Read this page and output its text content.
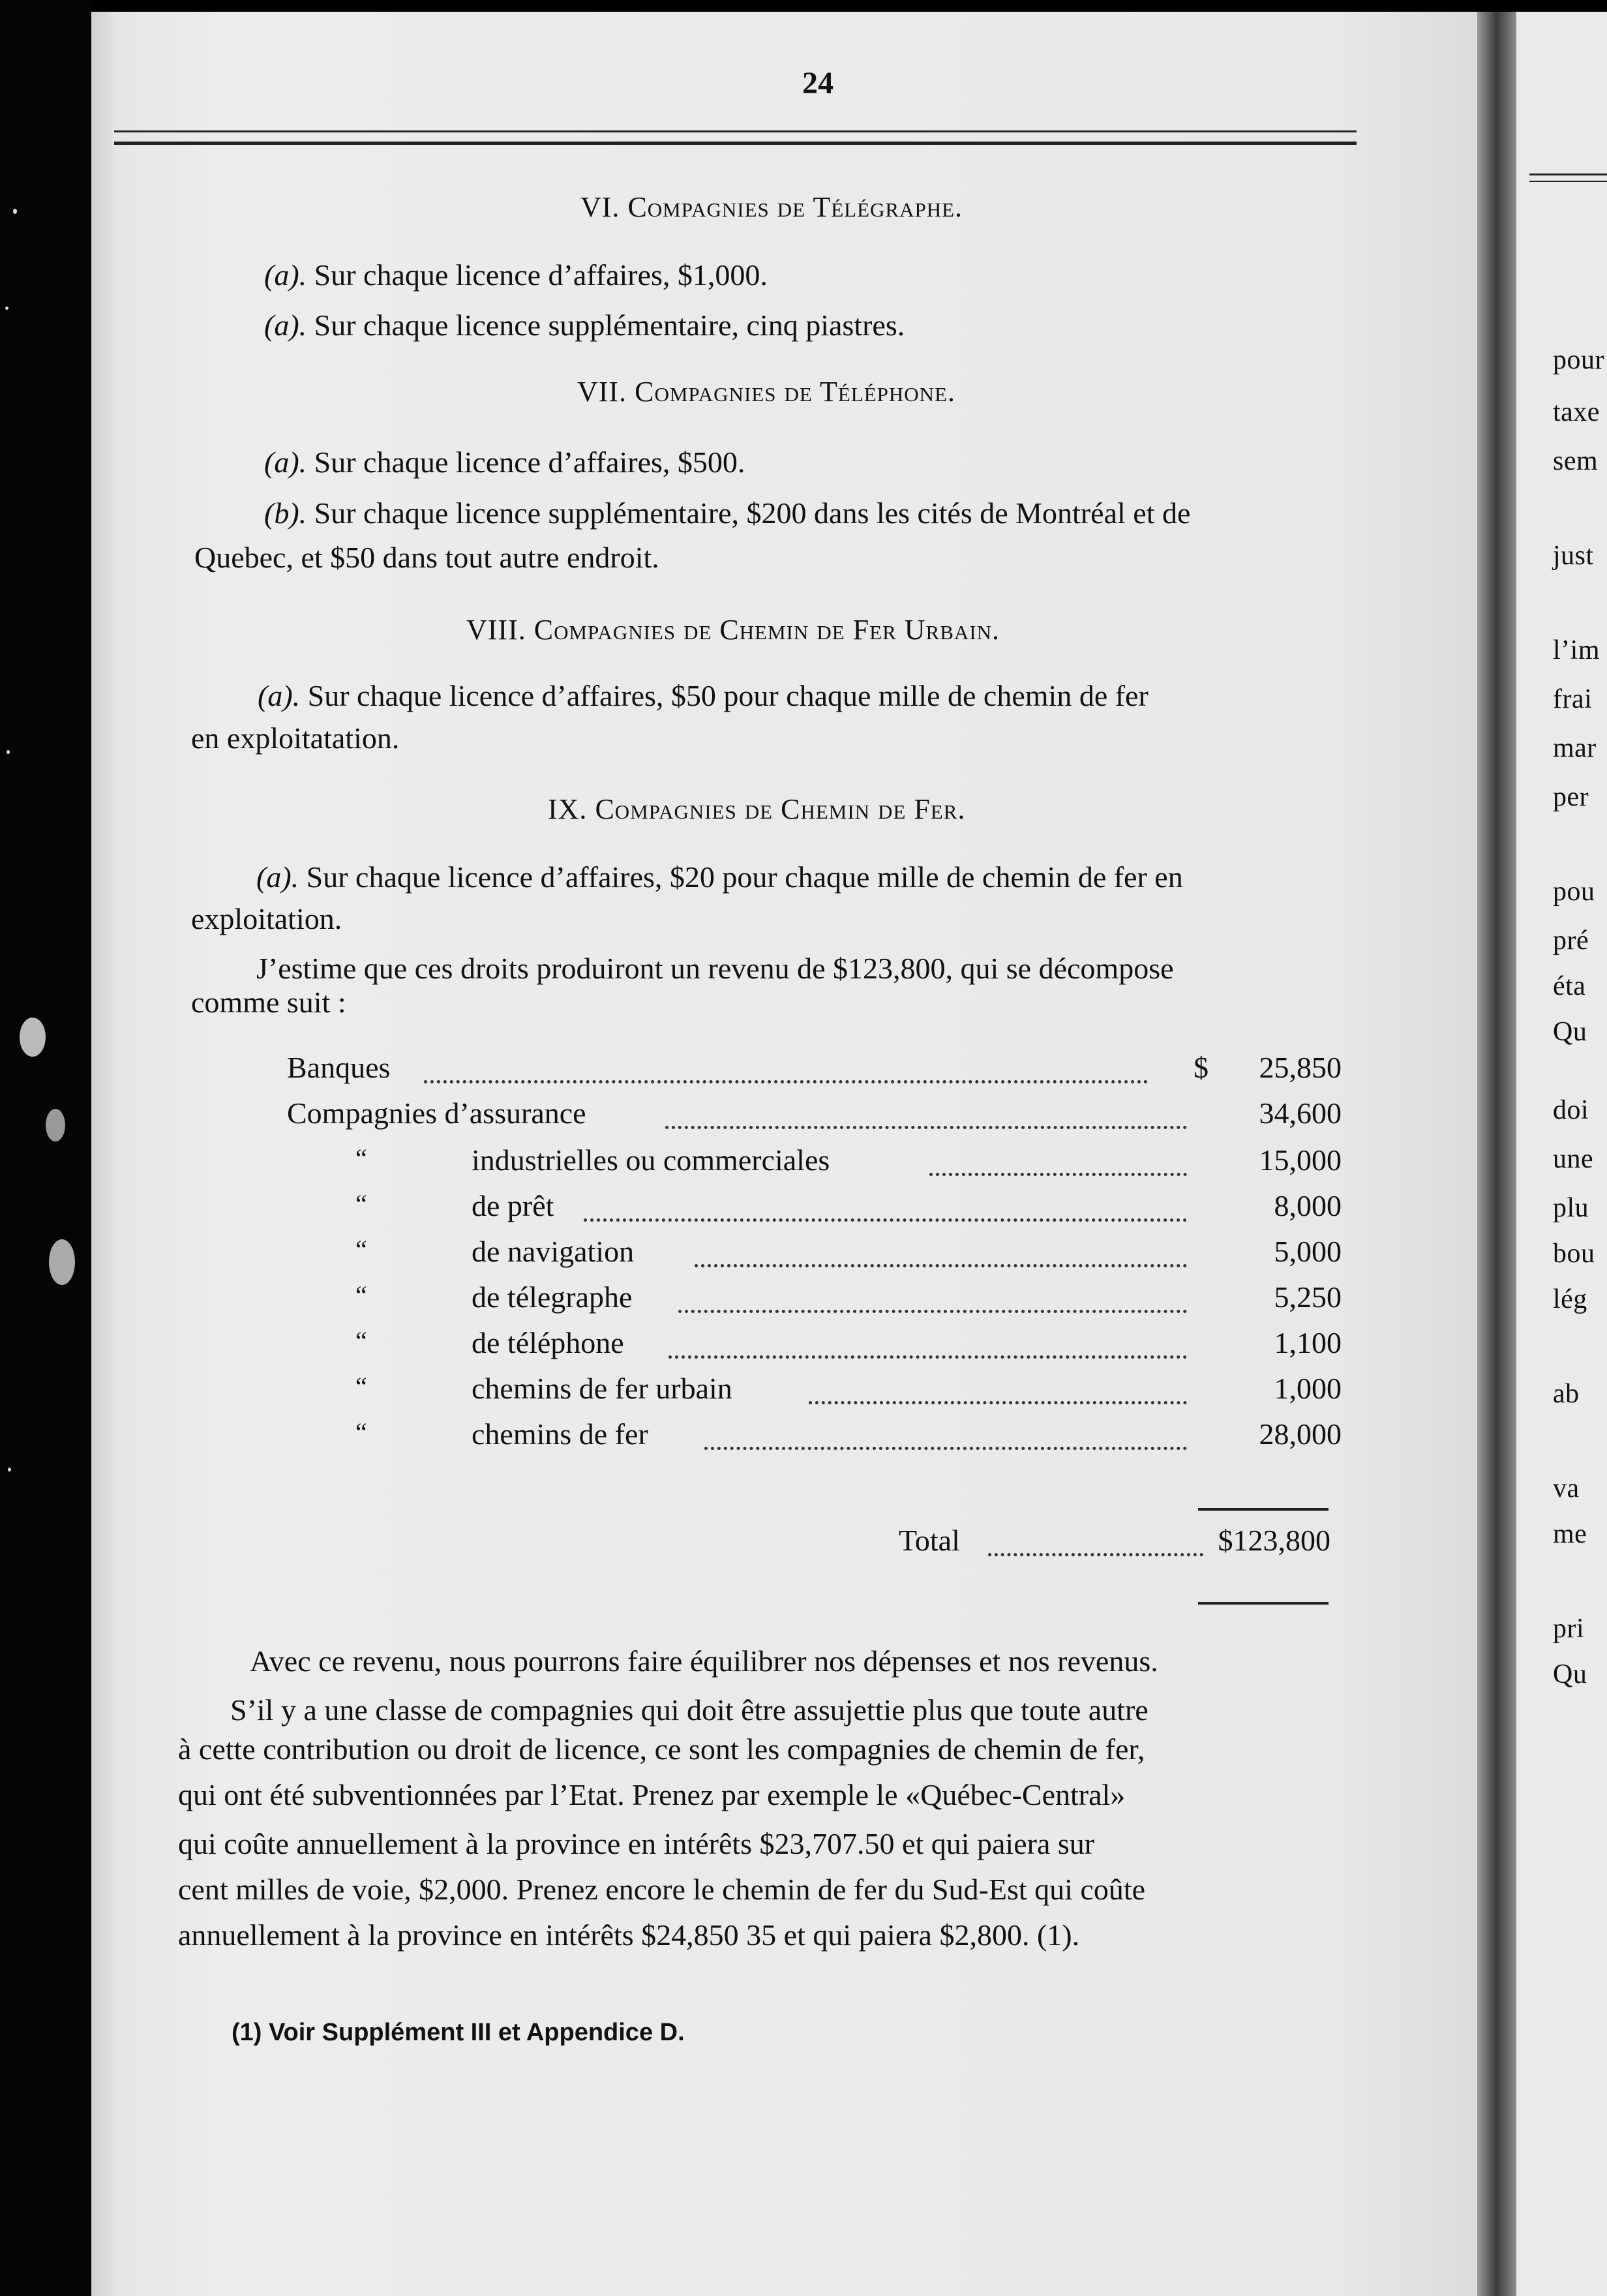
pour
taxe
sem
just
l’im
frai
mar
per
pou
pré
éta
Qu
doi
une
plu
bou
lég
ab
va
me
pri
Qu
24
VI. Compagnies de Télégraphe.
(a). Sur chaque licence d’affaires, $1,000.
(a). Sur chaque licence supplémentaire, cinq piastres.
VII. Compagnies de Téléphone.
(a). Sur chaque licence d’affaires, $500.
(b). Sur chaque licence supplémentaire, $200 dans les cités de Montréal et de
Quebec, et $50 dans tout autre endroit.
VIII. Compagnies de Chemin de Fer Urbain.
(a). Sur chaque licence d’affaires, $50 pour chaque mille de chemin de fer
en exploitatation.
IX. Compagnies de Chemin de Fer.
(a). Sur chaque licence d’affaires, $20 pour chaque mille de chemin de fer en
exploitation.
J’estime que ces droits produiront un revenu de $123,800, qui se décompose
comme suit :
Banques	$ 25,850
Compagnies d’assurance	34,600
“	industrielles ou commerciales	15,000
“	de prêt	8,000
“	de navigation	5,000
“	de télegraphe	5,250
“	de téléphone	1,100
“	chemins de fer urbain	1,000
“	chemins de fer	28,000
Total	$123,800
Avec ce revenu, nous pourrons faire équilibrer nos dépenses et nos revenus.
S’il y a une classe de compagnies qui doit être assujettie plus que toute autre
à cette contribution ou droit de licence, ce sont les compagnies de chemin de fer,
qui ont été subventionnées par l’Etat. Prenez par exemple le «Québec-Central»
qui coûte annuellement à la province en intérêts $23,707.50 et qui paiera sur
cent milles de voie, $2,000. Prenez encore le chemin de fer du Sud-Est qui coûte
annuellement à la province en intérêts $24,850 35 et qui paiera $2,800. (1).
(1) Voir Supplément III et Appendice D.
